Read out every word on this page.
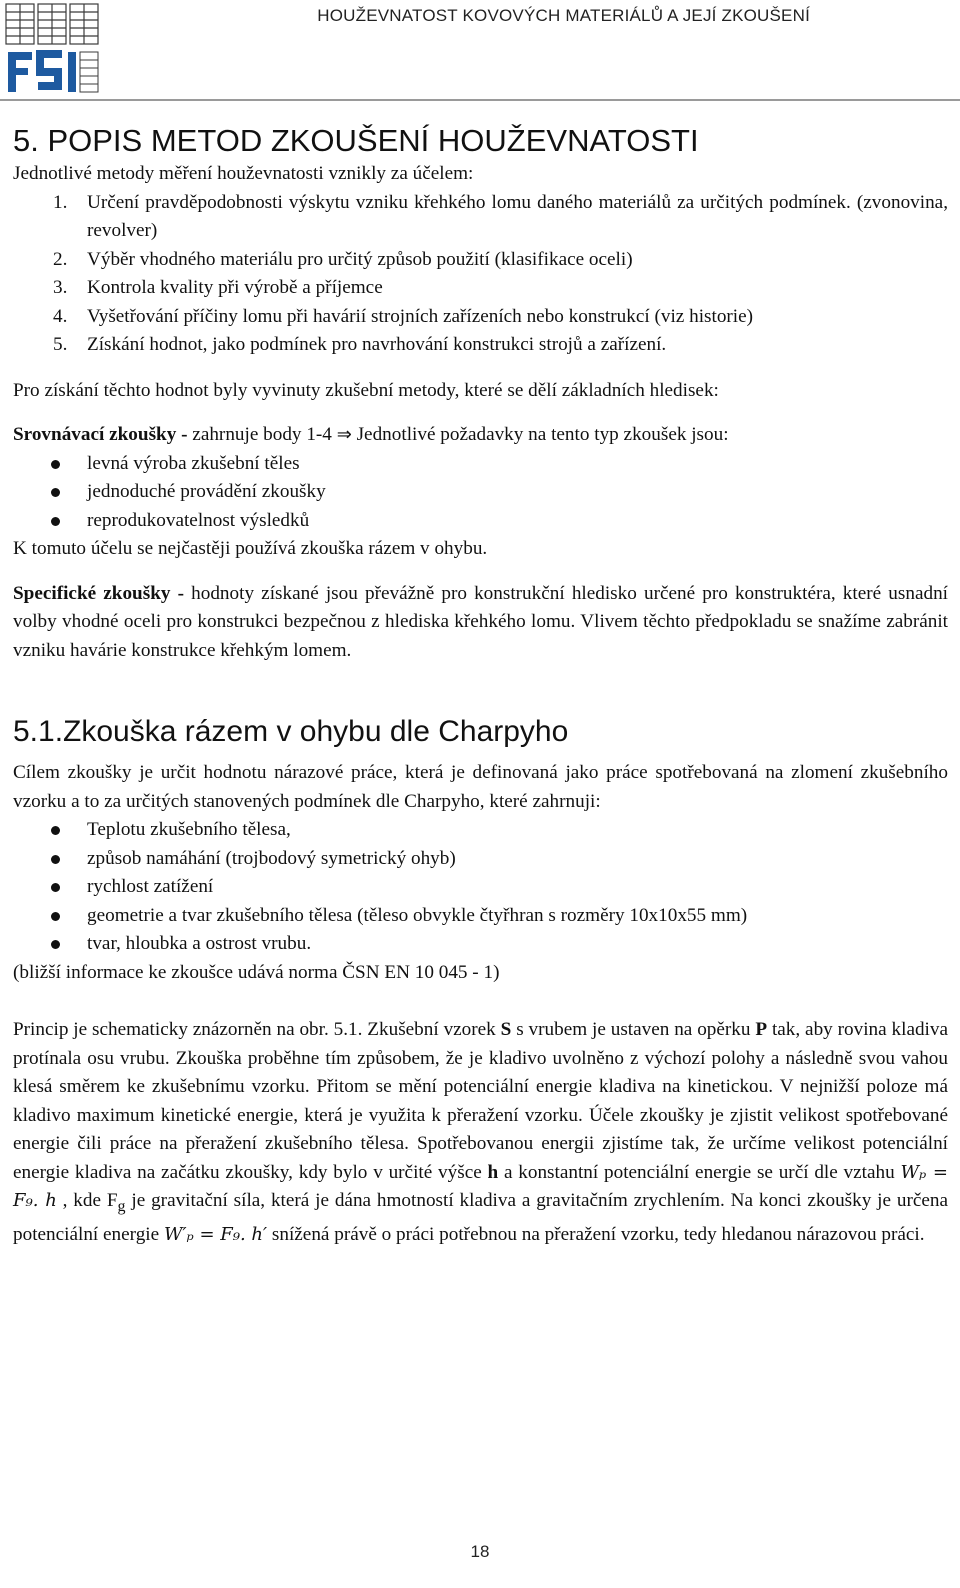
HOUŽEVNATOST KOVOVÝCH MATERIÁLŮ A JEJÍ ZKOUŠENÍ
5. POPIS METOD ZKOUŠENÍ HOUŽEVNATOSTI

Jednotlivé metody měření houževnatosti vznikly za účelem:

1. Určení pravděpodobnosti výskytu vzniku křehkého lomu daného materiálů za určitých podmínek. (zvonovina, revolver)
2. Výběr vhodného materiálu pro určitý způsob použití (klasifikace oceli)
3. Kontrola kvality při výrobě a příjemce
4. Vyšetřování příčiny lomu při havárií strojních zařízeních nebo konstrukcí (viz historie)
5. Získání hodnot, jako podmínek pro navrhování konstrukci strojů a zařízení.

Pro získání těchto hodnot byly vyvinuty zkušební metody, které se dělí základních hledisek:

Srovnávací zkoušky - zahrnuje body 1-4 ⇒ Jednotlivé požadavky na tento typ zkoušek jsou:

levná výroba zkušební těles
jednoduché provádění zkoušky
reprodukovatelnost výsledků

K tomuto účelu se nejčastěji používá zkouška rázem v ohybu.

Specifické zkoušky - hodnoty získané jsou převážně pro konstrukční hledisko určené pro konstruktéra, které usnadní volby vhodné oceli pro konstrukci bezpečnou z hlediska křehkého lomu. Vlivem těchto předpokladu se snažíme zabránit vzniku havárie konstrukce křehkým lomem.

5.1.Zkouška rázem v ohybu dle Charpyho

Cílem zkoušky je určit hodnotu nárazové práce, která je definovaná jako práce spotřebovaná na zlomení zkušebního vzorku a to za určitých stanovených podmínek dle Charpyho, které zahrnuji:

Teplotu zkušebního tělesa,
způsob namáhání (trojbodový symetrický ohyb)
rychlost zatížení
geometrie a tvar zkušebního tělesa (těleso obvykle čtyřhran s rozměry 10x10x55 mm)
tvar, hloubka a ostrost vrubu.

(bližší informace ke zkoušce udává norma ČSN EN 10 045 - 1)

Princip je schematicky znázorněn na obr. 5.1. Zkušební vzorek S s vrubem je ustaven na opěrku P tak, aby rovina kladiva protínala osu vrubu. Zkouška proběhne tím způsobem, že je kladivo uvolněno z výchozí polohy a následně svou vahou klesá směrem ke zkušebnímu vzorku. Přitom se mění potenciální energie kladiva na kinetickou. V nejnižší poloze má kladivo maximum kinetické energie, která je využita k přeražení vzorku. Účele zkoušky je zjistit velikost spotřebované energie čili práce na přeražení zkušebního tělesa. Spotřebovanou energii zjistíme tak, že určíme velikost potenciální energie kladiva na začátku zkoušky, kdy bylo v určité výšce h a konstantní potenciální energie se určí dle vztahu Wₚ = F₉. h , kde $F_g$ je gravitační síla, která je dána hmotností kladiva a gravitačním zrychlením. Na konci zkoušky je určena potenciální energie W′ₚ = F₉. h′ snížená právě o práci potřebnou na přeražení vzorku, tedy hledanou nárazovou práci.

18
